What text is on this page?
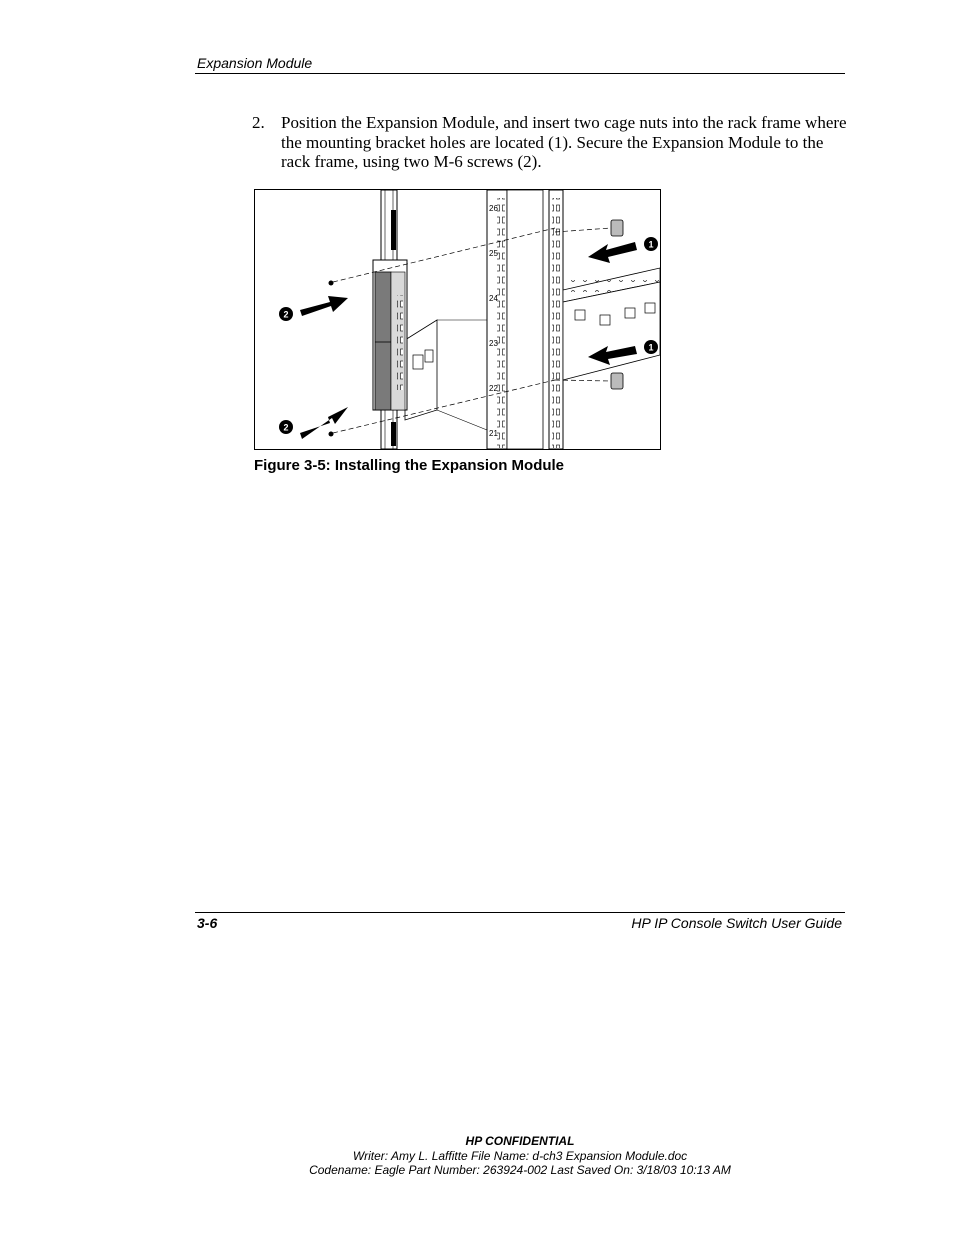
Expansion Module
2. Position the Expansion Module, and insert two cage nuts into the rack frame where the mounting bracket holes are located (1). Secure the Expansion Module to the rack frame, using two M-6 screws (2).
26
25
24
23
22
21
1
1
2
2
Figure 3-5: Installing the Expansion Module
3-6	HP IP Console Switch User Guide
HP CONFIDENTIAL
Writer: Amy L. Laffitte File Name: d-ch3 Expansion Module.doc
Codename: Eagle Part Number: 263924-002 Last Saved On: 3/18/03 10:13 AM
